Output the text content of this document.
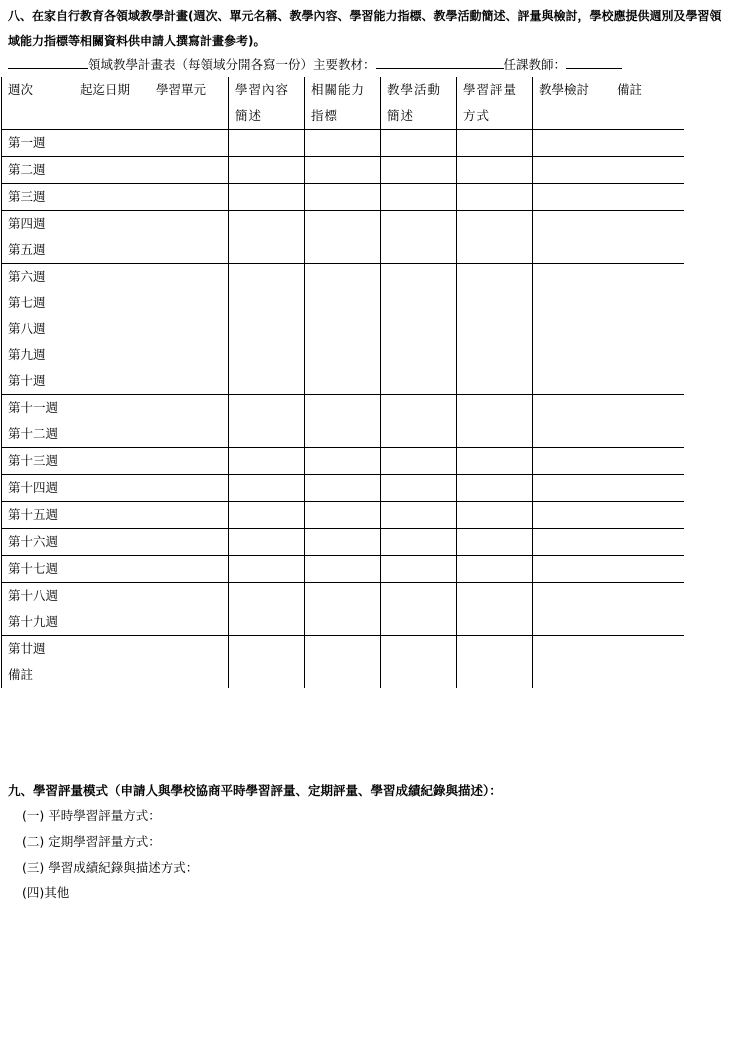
八、在家自行教育各領域教學計畫(週次、單元名稱、教學內容、學習能力指標、教學活動簡述、評量與檢討，學校應提供週別及學習領域能力指標等相關資料供申請人撰寫計畫參考)。
領域教學計畫表（每領域分開各寫一份）主要教材：	任課教師：
週次 起迄日期 學習單元	學習內容簡述	相關能力指標	教學活動簡述	學習評量方式	教學檢討 備註

第一週					

第二週					

第三週					

第四週
第五週					

第六週
第七週
第八週
第九週
第十週					

第十一週
第十二週					

第十三週					

第十四週					

第十五週					

第十六週					

第十七週					

第十八週
第十九週					

第廿週
備註					

九、學習評量模式（申請人與學校協商平時學習評量、定期評量、學習成績紀錄與描述）：
(一) 平時學習評量方式：
(二) 定期學習評量方式：
(三) 學習成績紀錄與描述方式：
(四)其他
